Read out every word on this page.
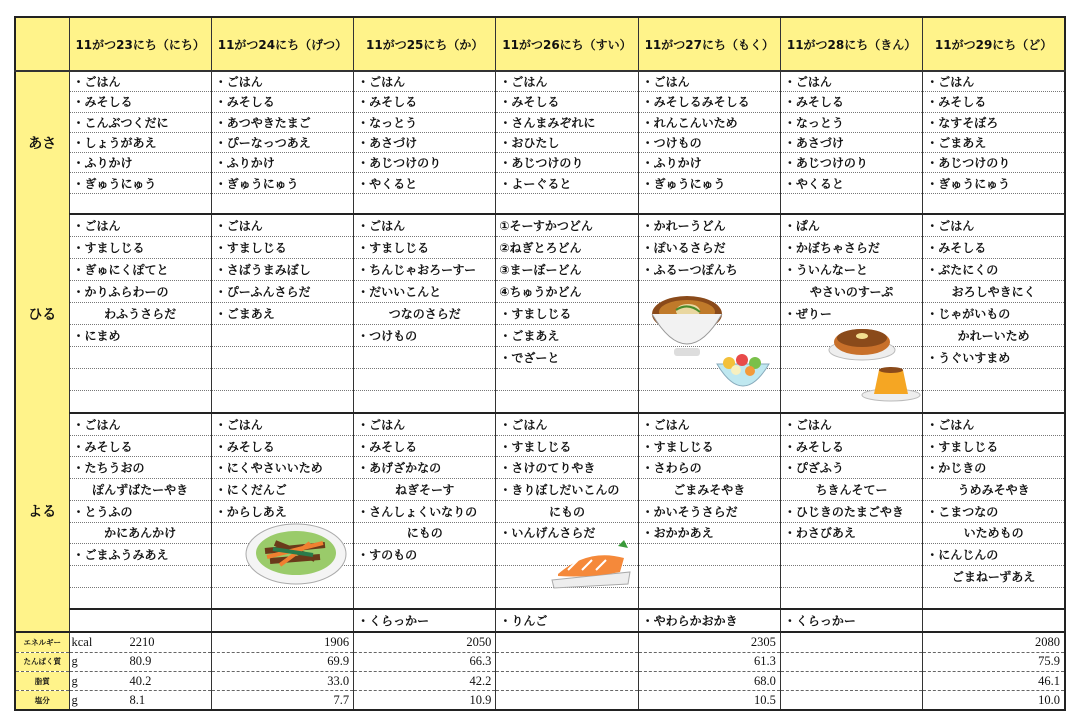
	11がつ23にち（にち）	11がつ24にち（げつ）	11がつ25にち（か）	11がつ26にち（すい）	11がつ27にち（もく）	11がつ28にち（きん）	11がつ29にち（ど）
あさ	・ごはん	・ごはん	・ごはん	・ごはん	・ごはん	・ごはん	・ごはん
	・みそしる	・みそしる	・みそしる	・みそしる	・みそしるみそしる	・みそしる	・みそしる
	・こんぶつくだに	・あつやきたまご	・なっとう	・さんまみぞれに	・れんこんいため	・なっとう	・なすそぼろ
	・しょうがあえ	・ぴーなっつあえ	・あさづけ	・おひたし	・つけもの	・あさづけ	・ごまあえ
	・ふりかけ	・ふりかけ	・あじつけのり	・あじつけのり	・ふりかけ	・あじつけのり	・あじつけのり
	・ぎゅうにゅう	・ぎゅうにゅう	・やくると	・よーぐると	・ぎゅうにゅう	・やくると	・ぎゅうにゅう

ひる	・ごはん	・ごはん	・ごはん	①そーすかつどん	・かれーうどん	・ぱん	・ごはん
	・すましじる	・すましじる	・すましじる	②ねぎとろどん	・ぽいるさらだ	・かぼちゃさらだ	・みそしる
	・ぎゅにくぽてと	・さばうまみぼし	・ちんじゃおろーすー	③まーぼーどん	・ふるーつぽんち	・ういんなーと	・ぶたにくの
	・かりふらわーの	・ぴーふんさらだ	・だいいこんと	④ちゅうかどん		やさいのすーぷ	おろしやきにく
	わふうさらだ	・ごまあえ	つなのさらだ	・すましじる		・ぜりー	・じゃがいもの
	・にまめ		・つけもの	・ごまあえ			かれーいため
				・でざーと			・うぐいすまめ

よる	・ごはん	・ごはん	・ごはん	・ごはん	・ごはん	・ごはん	・ごはん
	・みそしる	・みそしる	・みそしる	・すましじる	・すましじる	・みそしる	・すましじる
	・たちうおの	・にくやさいいため	・あげざかなの	・さけのてりやき	・さわらの	・ぴざふう	・かじきの
	ぽんずばたーやき	・にくだんご	ねぎそーす	・きりぼしだいこんの	ごまみそやき	ちきんそてー	うめみそやき
	・とうふの	・からしあえ	・さんしょくいなりの	にもの	・かいそうさらだ	・ひじきのたまごやき	・こまつなの
	かにあんかけ		にもの	・いんげんさらだ	・おかかあえ	・わさびあえ	いためもの
	・ごまふうみあえ		・すのもの				・にんじんの
							ごまねーずあえ

			・くらっかー	・りんご	・やわらかおかき	・くらっかー	
エネルギー	kcal 2210	1906	2050		2305		2080
たんぱく質	g 80.9	69.9	66.3		61.3		75.9
脂質	g 40.2	33.0	42.2		68.0		46.1
塩分	g 8.1	7.7	10.9		10.5		10.0
